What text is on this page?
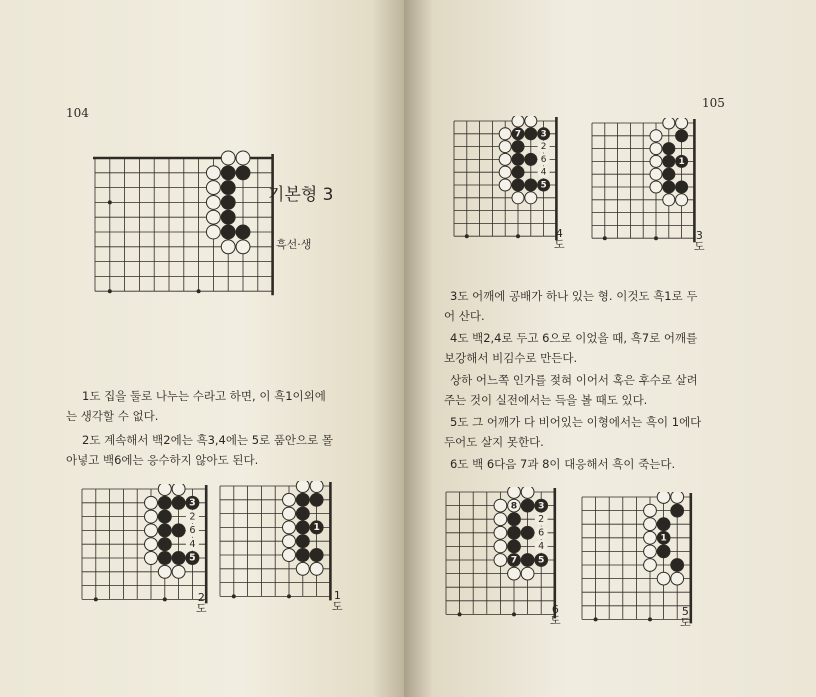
104
기본형 3
흑선·생
1도 집을 둘로 나누는 수라고 하면, 이 흑1이외에
는 생각할 수 없다.
2도 계속해서 백2에는 흑3,4에는 5로 품안으로 몰
아넣고 백6에는 응수하지 않아도 된다.
2
6
4
3
5
2
도
1
1
도
105
2
6
4
7 3
5
4
도
1
3
도
3도 어깨에 공배가 하나 있는 형. 이것도 흑1로 두
어 산다.
4도 백2,4로 두고 6으로 이었을 때, 흑7로 어깨를
보강해서 비김수로 만든다.
상하 어느쪽 인가를 젖혀 이어서 혹은 후수로 살려
주는 것이 실전에서는 득을 볼 때도 있다.
5도 그 어깨가 다 비어있는 이형에서는 흑이 1에다
두어도 살지 못한다.
6도 백 6다음 7과 8이 대응해서 흑이 죽는다.
2
6
4
8 3
7 5
6
도
1
5
도
